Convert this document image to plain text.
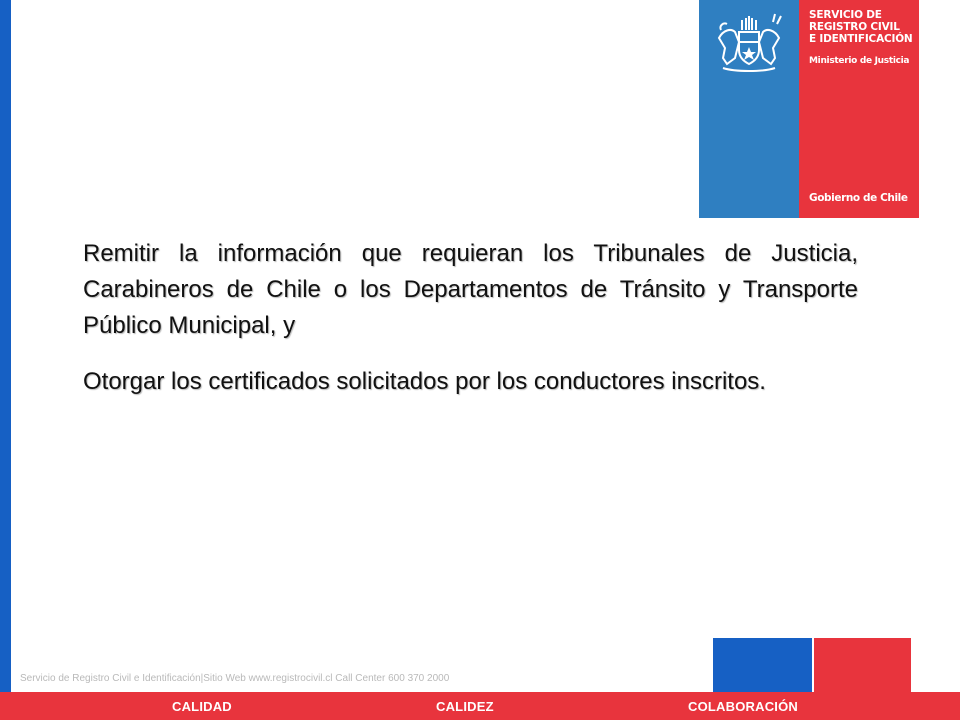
SERVICIO DE
REGISTRO CIVIL
E IDENTIFICACIÓN
Ministerio de Justicia
Gobierno de Chile

Remitir la información que requieran los Tribunales de Justicia, Carabineros de Chile o los Departamentos de Tránsito y Transporte Público Municipal, y

Otorgar los certificados solicitados por los conductores inscritos.

Servicio de Registro Civil e Identificación|Sitio Web www.registrocivil.cl Call Center 600 370 2000
CALIDAD	CALIDEZ	COLABORACIÓN
